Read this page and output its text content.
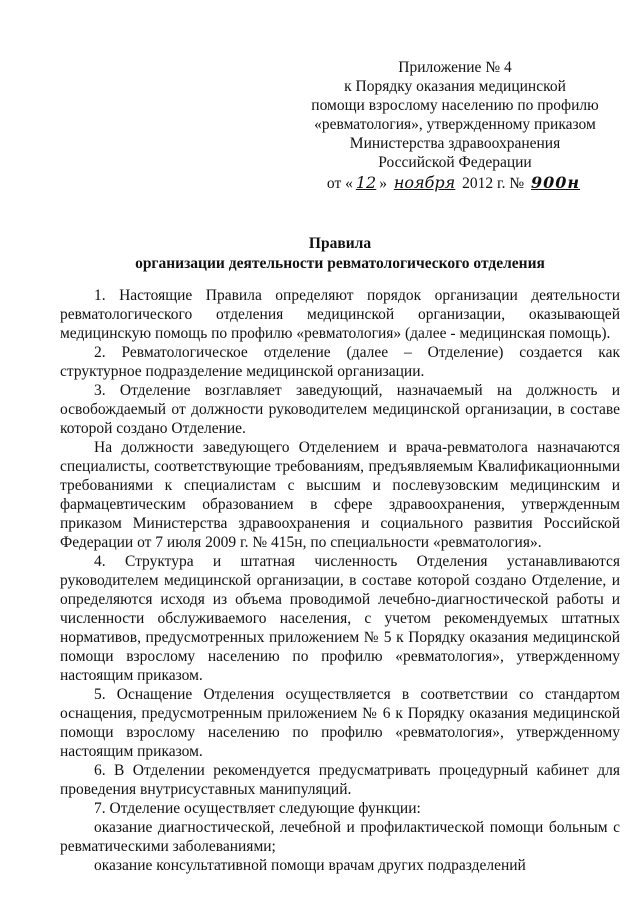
Приложение № 4
к Порядку оказания медицинской
помощи взрослому населению по профилю
«ревматология», утвержденному приказом
Министерства здравоохранения
Российской Федерации
от « 12 » ноября 2012 г. № 900н
Правила
организации деятельности ревматологического отделения

1. Настоящие Правила определяют порядок организации деятельности ревматологического отделения медицинской организации, оказывающей медицинскую помощь по профилю «ревматология» (далее - медицинская помощь).

2. Ревматологическое отделение (далее – Отделение) создается как структурное подразделение медицинской организации.

3. Отделение возглавляет заведующий, назначаемый на должность и освобождаемый от должности руководителем медицинской организации, в составе которой создано Отделение.

На должности заведующего Отделением и врача-ревматолога назначаются специалисты, соответствующие требованиям, предъявляемым Квалификационными требованиями к специалистам с высшим и послевузовским медицинским и фармацевтическим образованием в сфере здравоохранения, утвержденным приказом Министерства здравоохранения и социального развития Российской Федерации от 7 июля 2009 г. № 415н, по специальности «ревматология».

4. Структура и штатная численность Отделения устанавливаются руководителем медицинской организации, в составе которой создано Отделение, и определяются исходя из объема проводимой лечебно-диагностической работы и численности обслуживаемого населения, с учетом рекомендуемых штатных нормативов, предусмотренных приложением № 5 к Порядку оказания медицинской помощи взрослому населению по профилю «ревматология», утвержденному настоящим приказом.

5. Оснащение Отделения осуществляется в соответствии со стандартом оснащения, предусмотренным приложением № 6 к Порядку оказания медицинской помощи взрослому населению по профилю «ревматология», утвержденному настоящим приказом.

6. В Отделении рекомендуется предусматривать процедурный кабинет для проведения внутрисуставных манипуляций.

7. Отделение осуществляет следующие функции:

оказание диагностической, лечебной и профилактической помощи больным с ревматическими заболеваниями;

оказание консультативной помощи врачам других подразделений
